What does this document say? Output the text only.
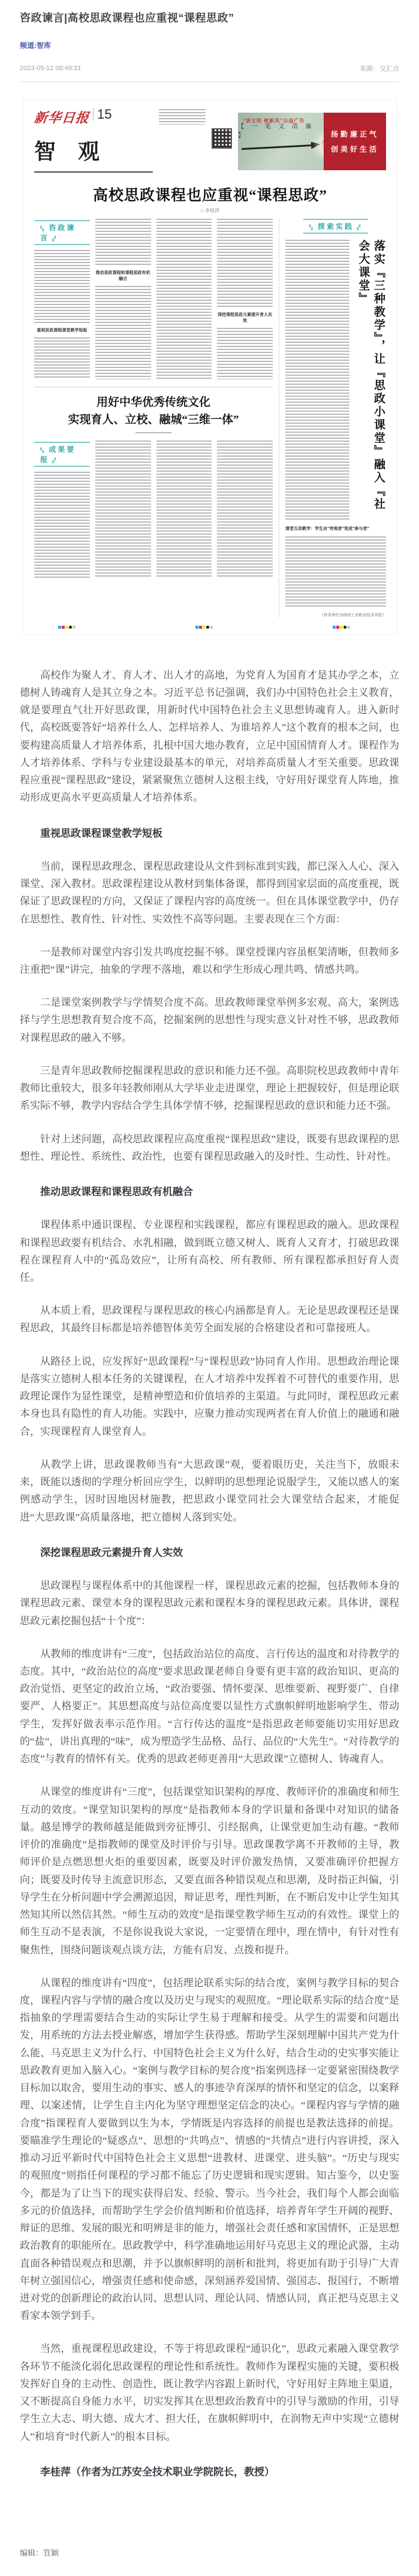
咨政谏言|高校思政课程也应重视“课程思政”
频道:智库
2023-05-12 08:49:31	来源：交汇点
新华日报 15
智 观
“讲文明 树新风”公益广告
【 一 笔 文 清 廉 】	扬勤廉正气
创美好生活
高校思政课程也应重视“课程思政”
□ 李桂萍
▚ 咨政谏言 ▞
重视思政课程课堂教学短板
推动思政课程和课程思政有机融合
深挖课程思政元素提升育人实效
用好中华优秀传统文化
实现育人、立校、融城“三维一体”
▚ 成果要报 ▞
▚ 探索实践 ▞
落实『三种教学』，让『思政小课堂』融入『社会大课堂』
课堂互动教学：学生由“旁观者”变成“参与者”
（作者单位为徐州工业职业技术学院）

高校作为聚人才、育人才、出人才的高地，为党育人为国育才是其办学之本，立德树人铸魂育人是其立身之本。习近平总书记强调，我们办中国特色社会主义教育，就是要理直气壮开好思政课，用新时代中国特色社会主义思想铸魂育人。进入新时代，高校既要答好“培养什么人、怎样培养人、为谁培养人”这个教育的根本之问，也要构建高质量人才培养体系，扎根中国大地办教育，立足中国国情育人才。课程作为人才培养体系、学科与专业建设最基本的单元，对培养高质量人才至关重要。思政课程应重视“课程思政”建设，紧紧聚焦立德树人这根主线，守好用好课堂育人阵地，推动形成更高水平更高质量人才培养体系。

重视思政课程课堂教学短板

当前，课程思政理念、课程思政建设从文件到标准到实践，都已深入人心、深入课堂、深入教材。思政课程建设从教材到集体备课，都得到国家层面的高度重视，既保证了思政课程的方向，又保证了课程内容的高度统一。但在具体课堂教学中，仍存在思想性、教育性、针对性、实效性不高等问题。主要表现在三个方面：

一是教师对课堂内容引发共鸣度挖掘不够。课堂授课内容虽框架清晰，但教师多注重把“课”讲完，抽象的学理不落地，难以和学生形成心理共鸣、情感共鸣。

二是课堂案例教学与学情契合度不高。思政教师课堂举例多宏观、高大，案例选择与学生思想教育契合度不高，挖掘案例的思想性与现实意义针对性不够，思政教师对课程思政的融入不够。

三是青年思政教师挖掘课程思政的意识和能力还不强。高职院校思政教师中青年教师比重较大，很多年轻教师刚从大学毕业走进课堂，理论上把握较好，但是理论联系实际不够，教学内容结合学生具体学情不够，挖掘课程思政的意识和能力还不强。

针对上述问题，高校思政课程应高度重视“课程思政”建设，既要有思政课程的思想性、理论性、系统性、政治性，也要有课程思政融入的及时性、生动性、针对性。

推动思政课程和课程思政有机融合

课程体系中通识课程、专业课程和实践课程，都应有课程思政的融入。思政课程和课程思政要有机结合、水乳相融，做到既立德又树人、既育人又育才，打破思政课程在课程育人中的“孤岛效应”，让所有高校、所有教师、所有课程都承担好育人责任。

从本质上看，思政课程与课程思政的核心内涵都是育人。无论是思政课程还是课程思政，其最终目标都是培养德智体美劳全面发展的合格建设者和可靠接班人。

从路径上说，应发挥好“思政课程”与“课程思政”协同育人作用。思想政治理论课是落实立德树人根本任务的关键课程，在人才培养中发挥着不可替代的重要作用，思政理论课作为显性课堂，是精神塑造和价值培养的主渠道。与此同时，课程思政元素本身也具有隐性的育人功能。实践中，应聚力推动实现两者在育人价值上的融通和融合，实现课程育人课堂育人。

从教学上讲，思政课教师当有“大思政课”观，要着眼历史，关注当下，放眼未来，既能以透彻的学理分析回应学生，以鲜明的思想理论说服学生，又能以感人的案例感动学生，因时因地因材施教，把思政小课堂同社会大课堂结合起来，才能促进“大思政课”高质量落地，把立德树人落到实处。

深挖课程思政元素提升育人实效

思政课程与课程体系中的其他课程一样，课程思政元素的挖掘，包括教师本身的课程思政元素、课堂本身的课程思政元素和课程本身的课程思政元素。具体讲，课程思政元素挖掘包括“十个度”：

从教师的维度讲有“三度”，包括政治站位的高度、言行传达的温度和对待教学的态度。其中，“政治站位的高度”要求思政课老师自身要有更丰富的政治知识、更高的政治觉悟、更坚定的政治立场，“政治要强、情怀要深、思维要新、视野要广、自律要严、人格要正”。其思想高度与站位高度要以显性方式旗帜鲜明地影响学生、带动学生，发挥好做表率示范作用。“言行传达的温度”是指思政老师要能切实用好思政的“盐”，讲出真理的“味”，成为塑造学生品格、品行、品位的“大先生”。“对待教学的态度”与教育的情怀有关。优秀的思政老师更善用“大思政课”立德树人、铸魂育人。

从课堂的维度讲有“三度”，包括课堂知识架构的厚度、教师评价的准确度和师生互动的效度。“课堂知识架构的厚度”是指教师本身的学识量和备课中对知识的储备量。越是博学的教师越是能做到旁征博引、引经据典，让课堂更加生动有趣。“教师评价的准确度”是指教师的课堂及时评价与引导。思政课教学离不开教师的主导，教师评价是点燃思想火炬的重要因素，既要及时评价激发热情，又要准确评价把握方向；既要及时传导主流意识形态，又要直面各种错误观点和思潮，及时指正纠偏，引导学生在分析问题中学会溯源追因，辩证思考，理性判断，在不断启发中让学生知其然知其所以然信其然。“师生互动的效度”是指课堂教学师生互动的有效性。课堂上的师生互动不是表演，不是你说我说大家说，一定要情在理中，理在情中，有针对性有聚焦性，围绕问题谈观点谈方法，方能有启发、点拨和提升。

从课程的维度讲有“四度”，包括理论联系实际的结合度，案例与教学目标的契合度，课程内容与学情的融合度以及历史与现实的观照度。“理论联系实际的结合度”是指抽象的学理需要结合生动的实际让学生易于理解和接受。从学生的需要和问题出发，用系统的方法去授业解惑，增加学生获得感。帮助学生深刻理解中国共产党为什么能、马克思主义为什么行、中国特色社会主义为什么好，结合生动的史实事实能让思政教育更加入脑入心。“案例与教学目标的契合度”指案例选择一定要紧密围绕教学目标加以取舍，要用生动的事实、感人的事迹孕育深厚的情怀和坚定的信念，以案释理、以案述情，让学生自主内化为坚守理想坚定信念的决心。“课程内容与学情的融合度”指课程育人要做到以生为本，学情既是内容选择的前提也是教法选择的前提。要瞄准学生理论的“疑惑点”、思想的“共鸣点”、情感的“共情点”进行内容讲授，深入推动习近平新时代中国特色社会主义思想“进教材、进课堂、进头脑”。“历史与现实的观照度”则指任何课程的学习都不能忘了历史逻辑和现实逻辑。知古鉴今，以史鉴今，都是为了让当下的现实获得启发、经验、警示。当今社会，我们每个人都会面临多元的价值选择，而帮助学生学会价值判断和价值选择，培养青年学生开阔的视野、辩证的思维、发展的眼光和明辨是非的能力，增强社会责任感和家国情怀，正是思想政治教育的职能所在。思政教学中，科学准确地运用好马克思主义的理论武器，主动直面各种错误观点和思潮，并予以旗帜鲜明的剖析和批判，将更加有助于引导广大青年树立强国信心，增强责任感和使命感，深刻涵养爱国情、强国志、报国行，不断增进对党的创新理论的政治认同、思想认同、理论认同、情感认同，真正把马克思主义看家本领学到手。

当然，重视课程思政建设，不等于将思政课程“通识化”，思政元素融入课堂教学各环节不能淡化弱化思政课程的理论性和系统性。教师作为课程实施的关键，要积极发挥好自身的主动性、创造性，既让教学内容跟上新时代，守好用好主阵地主渠道，又不断提高自身能力水平，切实发挥其在思想政治教育中的引导与激励的作用，引导学生立大志、明大德、成大才、担大任，在旗帜鲜明中，在润物无声中实现“立德树人”和培育“时代新人”的根本目标。

李桂萍（作者为江苏安全技术职业学院院长，教授）

编辑：笪颖
